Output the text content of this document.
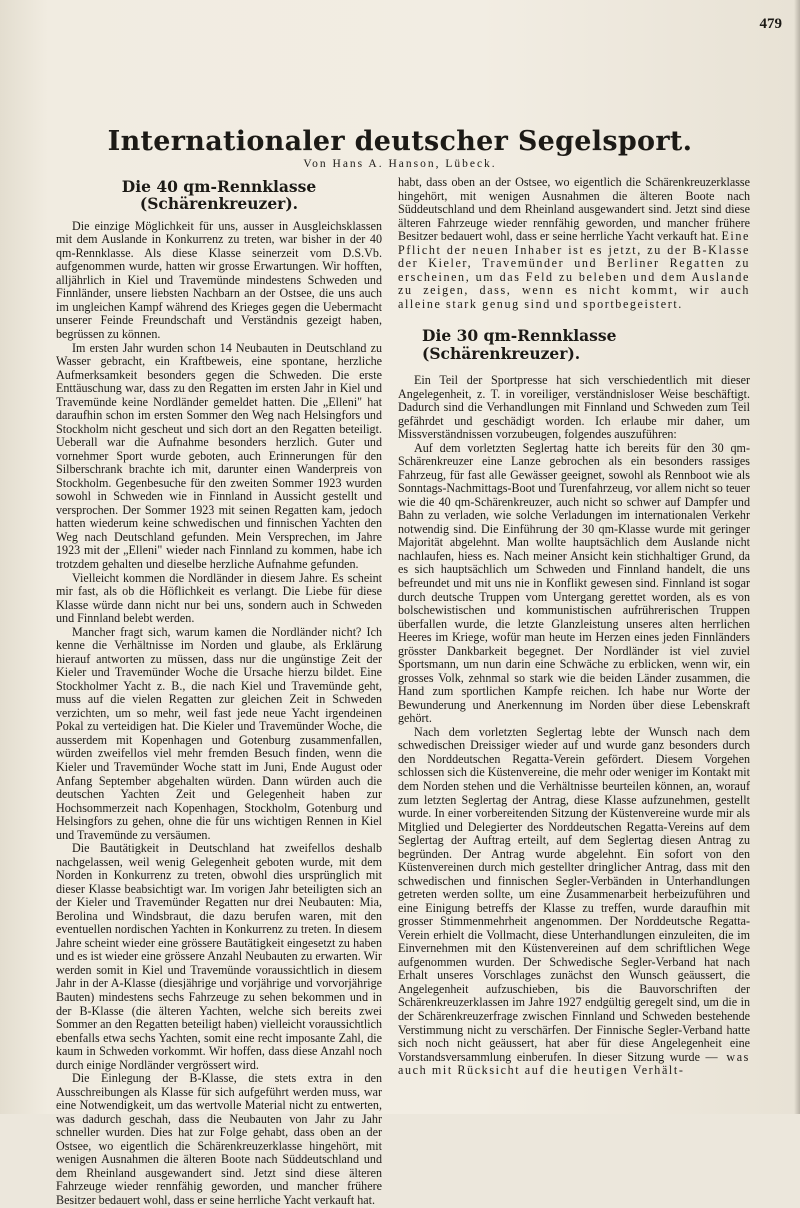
479
Internationaler deutscher Segelsport.
Von Hans A. Hanson, Lübeck.
Die 40 qm-Rennklasse (Schärenkreuzer).

Die einzige Möglichkeit für uns, ausser in Ausgleichsklassen mit dem Auslande in Konkurrenz zu treten, war bisher in der 40 qm-Rennklasse. Als diese Klasse seinerzeit vom D.S.Vb. aufgenommen wurde, hatten wir grosse Erwartungen. Wir hofften, alljährlich in Kiel und Travemünde mindestens Schweden und Finnländer, unsere liebsten Nachbarn an der Ostsee, die uns auch im ungleichen Kampf während des Krieges gegen die Uebermacht unserer Feinde Freundschaft und Verständnis gezeigt haben, begrüssen zu können.

Im ersten Jahr wurden schon 14 Neubauten in Deutschland zu Wasser gebracht, ein Kraftbeweis, eine spontane, herzliche Aufmerksamkeit besonders gegen die Schweden. Die erste Enttäuschung war, dass zu den Regatten im ersten Jahr in Kiel und Travemünde keine Nordländer gemeldet hatten. Die „Elleni" hat daraufhin schon im ersten Sommer den Weg nach Helsingfors und Stockholm nicht gescheut und sich dort an den Regatten beteiligt. Ueberall war die Aufnahme besonders herzlich. Guter und vornehmer Sport wurde geboten, auch Erinnerungen für den Silberschrank brachte ich mit, darunter einen Wanderpreis von Stockholm. Gegenbesuche für den zweiten Sommer 1923 wurden sowohl in Schweden wie in Finnland in Aussicht gestellt und versprochen. Der Sommer 1923 mit seinen Regatten kam, jedoch hatten wiederum keine schwedischen und finnischen Yachten den Weg nach Deutschland gefunden. Mein Versprechen, im Jahre 1923 mit der „Elleni" wieder nach Finnland zu kommen, habe ich trotzdem gehalten und dieselbe herzliche Aufnahme gefunden.

Vielleicht kommen die Nordländer in diesem Jahre. Es scheint mir fast, als ob die Höflichkeit es verlangt. Die Liebe für diese Klasse würde dann nicht nur bei uns, sondern auch in Schweden und Finnland belebt werden.

Mancher fragt sich, warum kamen die Nordländer nicht? Ich kenne die Verhältnisse im Norden und glaube, als Erklärung hierauf antworten zu müssen, dass nur die ungünstige Zeit der Kieler und Travemünder Woche die Ursache hierzu bildet. Eine Stockholmer Yacht z. B., die nach Kiel und Travemünde geht, muss auf die vielen Regatten zur gleichen Zeit in Schweden verzichten, um so mehr, weil fast jede neue Yacht irgendeinen Pokal zu verteidigen hat. Die Kieler und Travemünder Woche, die ausserdem mit Kopenhagen und Gotenburg zusammenfallen, würden zweifellos viel mehr fremden Besuch finden, wenn die Kieler und Travemünder Woche statt im Juni, Ende August oder Anfang September abgehalten würden. Dann würden auch die deutschen Yachten Zeit und Gelegenheit haben zur Hochsommerzeit nach Kopenhagen, Stockholm, Gotenburg und Helsingfors zu gehen, ohne die für uns wichtigen Rennen in Kiel und Travemünde zu versäumen.

Die Bautätigkeit in Deutschland hat zweifellos deshalb nachgelassen, weil wenig Gelegenheit geboten wurde, mit dem Norden in Konkurrenz zu treten, obwohl dies ursprünglich mit dieser Klasse beabsichtigt war. Im vorigen Jahr beteiligten sich an der Kieler und Travemünder Regatten nur drei Neubauten: Mia, Berolina und Windsbraut, die dazu berufen waren, mit den eventuellen nordischen Yachten in Konkurrenz zu treten. In diesem Jahre scheint wieder eine grössere Bautätigkeit eingesetzt zu haben und es ist wieder eine grössere Anzahl Neubauten zu erwarten. Wir werden somit in Kiel und Travemünde voraussichtlich in diesem Jahr in der A-Klasse (diesjährige und vorjährige und vorvorjährige Bauten) mindestens sechs Fahrzeuge zu sehen bekommen und in der B-Klasse (die älteren Yachten, welche sich bereits zwei Sommer an den Regatten beteiligt haben) vielleicht voraussichtlich ebenfalls etwa sechs Yachten, somit eine recht imposante Zahl, die kaum in Schweden vorkommt. Wir hoffen, dass diese Anzahl noch durch einige Nordländer vergrössert wird.

Die Einlegung der B-Klasse, die stets extra in den Ausschreibungen als Klasse für sich aufgeführt werden muss, war eine Notwendigkeit, um das wertvolle Material nicht zu entwerten, was dadurch geschah, dass die Neubauten von Jahr zu Jahr schneller wurden. Dies hat zur Folge gehabt, dass oben an der Ostsee, wo eigentlich die Schärenkreuzerklasse hingehört, mit wenigen Ausnahmen die älteren Boote nach Süddeutschland und dem Rheinland ausgewandert sind. Jetzt sind diese älteren Fahrzeuge wieder rennfähig geworden, und mancher frühere Besitzer bedauert wohl, dass er seine herrliche Yacht verkauft hat.

habt, dass oben an der Ostsee, wo eigentlich die Schärenkreuzerklasse hingehört, mit wenigen Ausnahmen die älteren Boote nach Süddeutschland und dem Rheinland ausgewandert sind. Jetzt sind diese älteren Fahrzeuge wieder rennfähig geworden, und mancher frühere Besitzer bedauert wohl, dass er seine herrliche Yacht verkauft hat. Eine Pflicht der neuen Inhaber ist es jetzt, zu der B-Klasse der Kieler, Travemünder und Berliner Regatten zu erscheinen, um das Feld zu beleben und dem Auslande zu zeigen, dass, wenn es nicht kommt, wir auch alleine stark genug sind und sportbegeistert.

Die 30 qm-Rennklasse (Schärenkreuzer).

Ein Teil der Sportpresse hat sich verschiedentlich mit dieser Angelegenheit, z. T. in voreiliger, verständnisloser Weise beschäftigt. Dadurch sind die Verhandlungen mit Finnland und Schweden zum Teil gefährdet und geschädigt worden. Ich erlaube mir daher, um Missverständnissen vorzubeugen, folgendes auszuführen:

Auf dem vorletzten Seglertag hatte ich bereits für den 30 qm-Schärenkreuzer eine Lanze gebrochen als ein besonders rassiges Fahrzeug, für fast alle Gewässer geeignet, sowohl als Rennboot wie als Sonntags-Nachmittags-Boot und Turenfahrzeug, vor allem nicht so teuer wie die 40 qm-Schärenkreuzer, auch nicht so schwer auf Dampfer und Bahn zu verladen, wie solche Verladungen im internationalen Verkehr notwendig sind. Die Einführung der 30 qm-Klasse wurde mit geringer Majorität abgelehnt. Man wollte hauptsächlich dem Auslande nicht nachlaufen, hiess es. Nach meiner Ansicht kein stichhaltiger Grund, da es sich hauptsächlich um Schweden und Finnland handelt, die uns befreundet und mit uns nie in Konflikt gewesen sind. Finnland ist sogar durch deutsche Truppen vom Untergang gerettet worden, als es von bolschewistischen und kommunistischen aufrührerischen Truppen überfallen wurde, die letzte Glanzleistung unseres alten herrlichen Heeres im Kriege, wofür man heute im Herzen eines jeden Finnländers grösster Dankbarkeit begegnet. Der Nordländer ist viel zuviel Sportsmann, um nun darin eine Schwäche zu erblicken, wenn wir, ein grosses Volk, zehnmal so stark wie die beiden Länder zusammen, die Hand zum sportlichen Kampfe reichen. Ich habe nur Worte der Bewunderung und Anerkennung im Norden über diese Lebenskraft gehört.

Nach dem vorletzten Seglertag lebte der Wunsch nach dem schwedischen Dreissiger wieder auf und wurde ganz besonders durch den Norddeutschen Regatta-Verein gefördert. Diesem Vorgehen schlossen sich die Küstenvereine, die mehr oder weniger im Kontakt mit dem Norden stehen und die Verhältnisse beurteilen können, an, worauf zum letzten Seglertag der Antrag, diese Klasse aufzunehmen, gestellt wurde. In einer vorbereitenden Sitzung der Küstenvereine wurde mir als Mitglied und Delegierter des Norddeutschen Regatta-Vereins auf dem Seglertag der Auftrag erteilt, auf dem Seglertag diesen Antrag zu begründen. Der Antrag wurde abgelehnt. Ein sofort von den Küstenvereinen durch mich gestellter dringlicher Antrag, dass mit den schwedischen und finnischen Segler-Verbänden in Unterhandlungen getreten werden sollte, um eine Zusammenarbeit herbeizuführen und eine Einigung betreffs der Klasse zu treffen, wurde daraufhin mit grosser Stimmenmehrheit angenommen. Der Norddeutsche Regatta-Verein erhielt die Vollmacht, diese Unterhandlungen einzuleiten, die im Einvernehmen mit den Küstenvereinen auf dem schriftlichen Wege aufgenommen wurden. Der Schwedische Segler-Verband hat nach Erhalt unseres Vorschlages zunächst den Wunsch geäussert, die Angelegenheit aufzuschieben, bis die Bauvorschriften der Schärenkreuzerklassen im Jahre 1927 endgültig geregelt sind, um die in der Schärenkreuzerfrage zwischen Finnland und Schweden bestehende Verstimmung nicht zu verschärfen. Der Finnische Segler-Verband hatte sich noch nicht geäussert, hat aber für diese Angelegenheit eine Vorstandsversammlung einberufen. In dieser Sitzung wurde — was auch mit Rücksicht auf die heutigen Verhält-
